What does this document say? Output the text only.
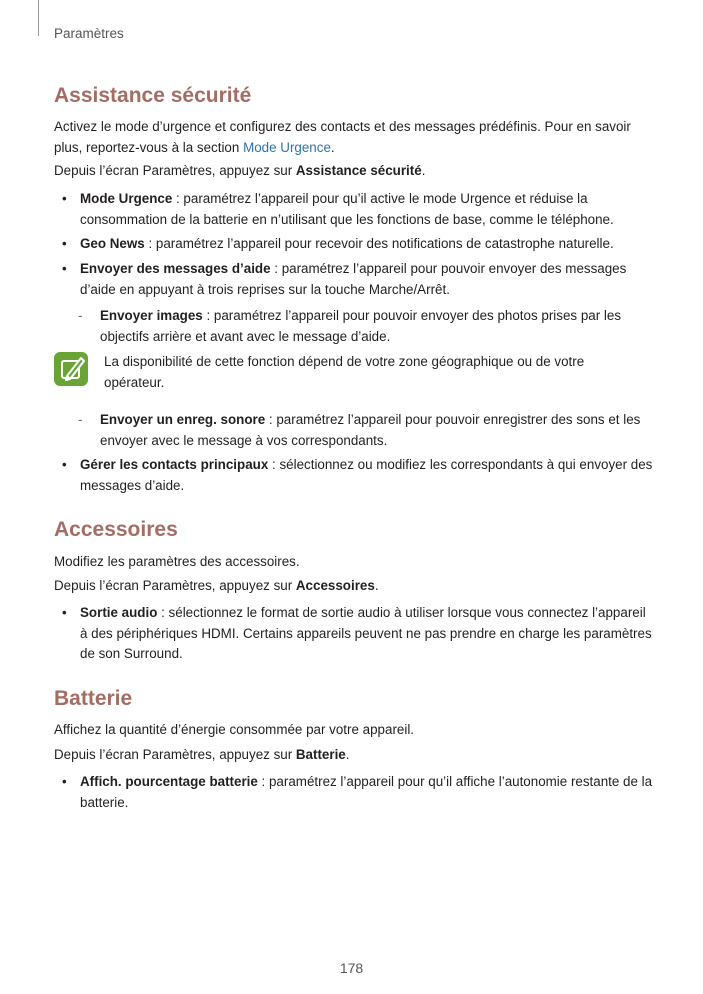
Paramètres
Assistance sécurité

Activez le mode d’urgence et configurez des contacts et des messages prédéfinis. Pour en savoir plus, reportez-vous à la section Mode Urgence.

Depuis l’écran Paramètres, appuyez sur Assistance sécurité.

• Mode Urgence : paramétrez l’appareil pour qu’il active le mode Urgence et réduise la consommation de la batterie en n’utilisant que les fonctions de base, comme le téléphone.
• Geo News : paramétrez l’appareil pour recevoir des notifications de catastrophe naturelle.
• Envoyer des messages d’aide : paramétrez l’appareil pour pouvoir envoyer des messages d’aide en appuyant à trois reprises sur la touche Marche/Arrêt.
- Envoyer images : paramétrez l’appareil pour pouvoir envoyer des photos prises par les objectifs arrière et avant avec le message d’aide.
La disponibilité de cette fonction dépend de votre zone géographique ou de votre opérateur.
- Envoyer un enreg. sonore : paramétrez l’appareil pour pouvoir enregistrer des sons et les envoyer avec le message à vos correspondants.
• Gérer les contacts principaux : sélectionnez ou modifiez les correspondants à qui envoyer des messages d’aide.
Accessoires

Modifiez les paramètres des accessoires.

Depuis l’écran Paramètres, appuyez sur Accessoires.

• Sortie audio : sélectionnez le format de sortie audio à utiliser lorsque vous connectez l’appareil à des périphériques HDMI. Certains appareils peuvent ne pas prendre en charge les paramètres de son Surround.
Batterie

Affichez la quantité d’énergie consommée par votre appareil.

Depuis l’écran Paramètres, appuyez sur Batterie.

• Affich. pourcentage batterie : paramétrez l’appareil pour qu’il affiche l’autonomie restante de la batterie.
178
